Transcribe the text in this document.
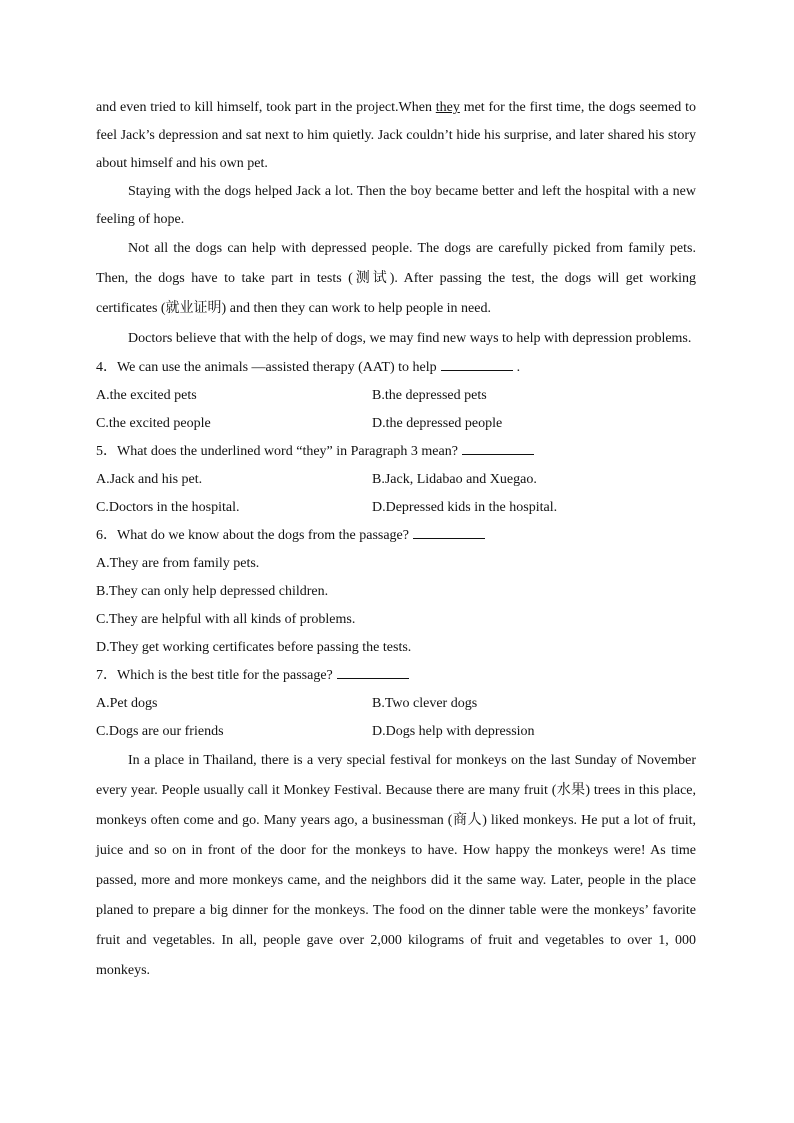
and even tried to kill himself, took part in the project.When they met for the first time, the dogs seemed to feel Jack’s depression and sat next to him quietly. Jack couldn’t hide his surprise, and later shared his story about himself and his own pet.

Staying with the dogs helped Jack a lot. Then the boy became better and left the hospital with a new feeling of hope.

Not all the dogs can help with depressed people. The dogs are carefully picked from family pets. Then, the dogs have to take part in tests (测试). After passing the test, the dogs will get working certificates (就业证明) and then they can work to help people in need.

Doctors believe that with the help of dogs, we may find new ways to help with depression problems.

4．We can use the animals —assisted therapy (AAT) to help	.

A.the excited pets	B.the depressed pets
C.the excited people	D.the depressed people

5．What does the underlined word “they” in Paragraph 3 mean?

A.Jack and his pet.	B.Jack, Lidabao and Xuegao.
C.Doctors in the hospital.	D.Depressed kids in the hospital.

6．What do we know about the dogs from the passage?

A.They are from family pets.

B.They can only help depressed children.

C.They are helpful with all kinds of problems.

D.They get working certificates before passing the tests.

7．Which is the best title for the passage?

A.Pet dogs	B.Two clever dogs
C.Dogs are our friends	D.Dogs help with depression

In a place in Thailand, there is a very special festival for monkeys on the last Sunday of November every year. People usually call it Monkey Festival. Because there are many fruit (水果) trees in this place, monkeys often come and go. Many years ago, a businessman (商人) liked monkeys. He put a lot of fruit, juice and so on in front of the door for the monkeys to have. How happy the monkeys were! As time passed, more and more monkeys came, and the neighbors did it the same way. Later, people in the place planed to prepare a big dinner for the monkeys. The food on the dinner table were the monkeys’ favorite fruit and vegetables. In all, people gave over 2,000 kilograms of fruit and vegetables to over 1, 000 monkeys.
